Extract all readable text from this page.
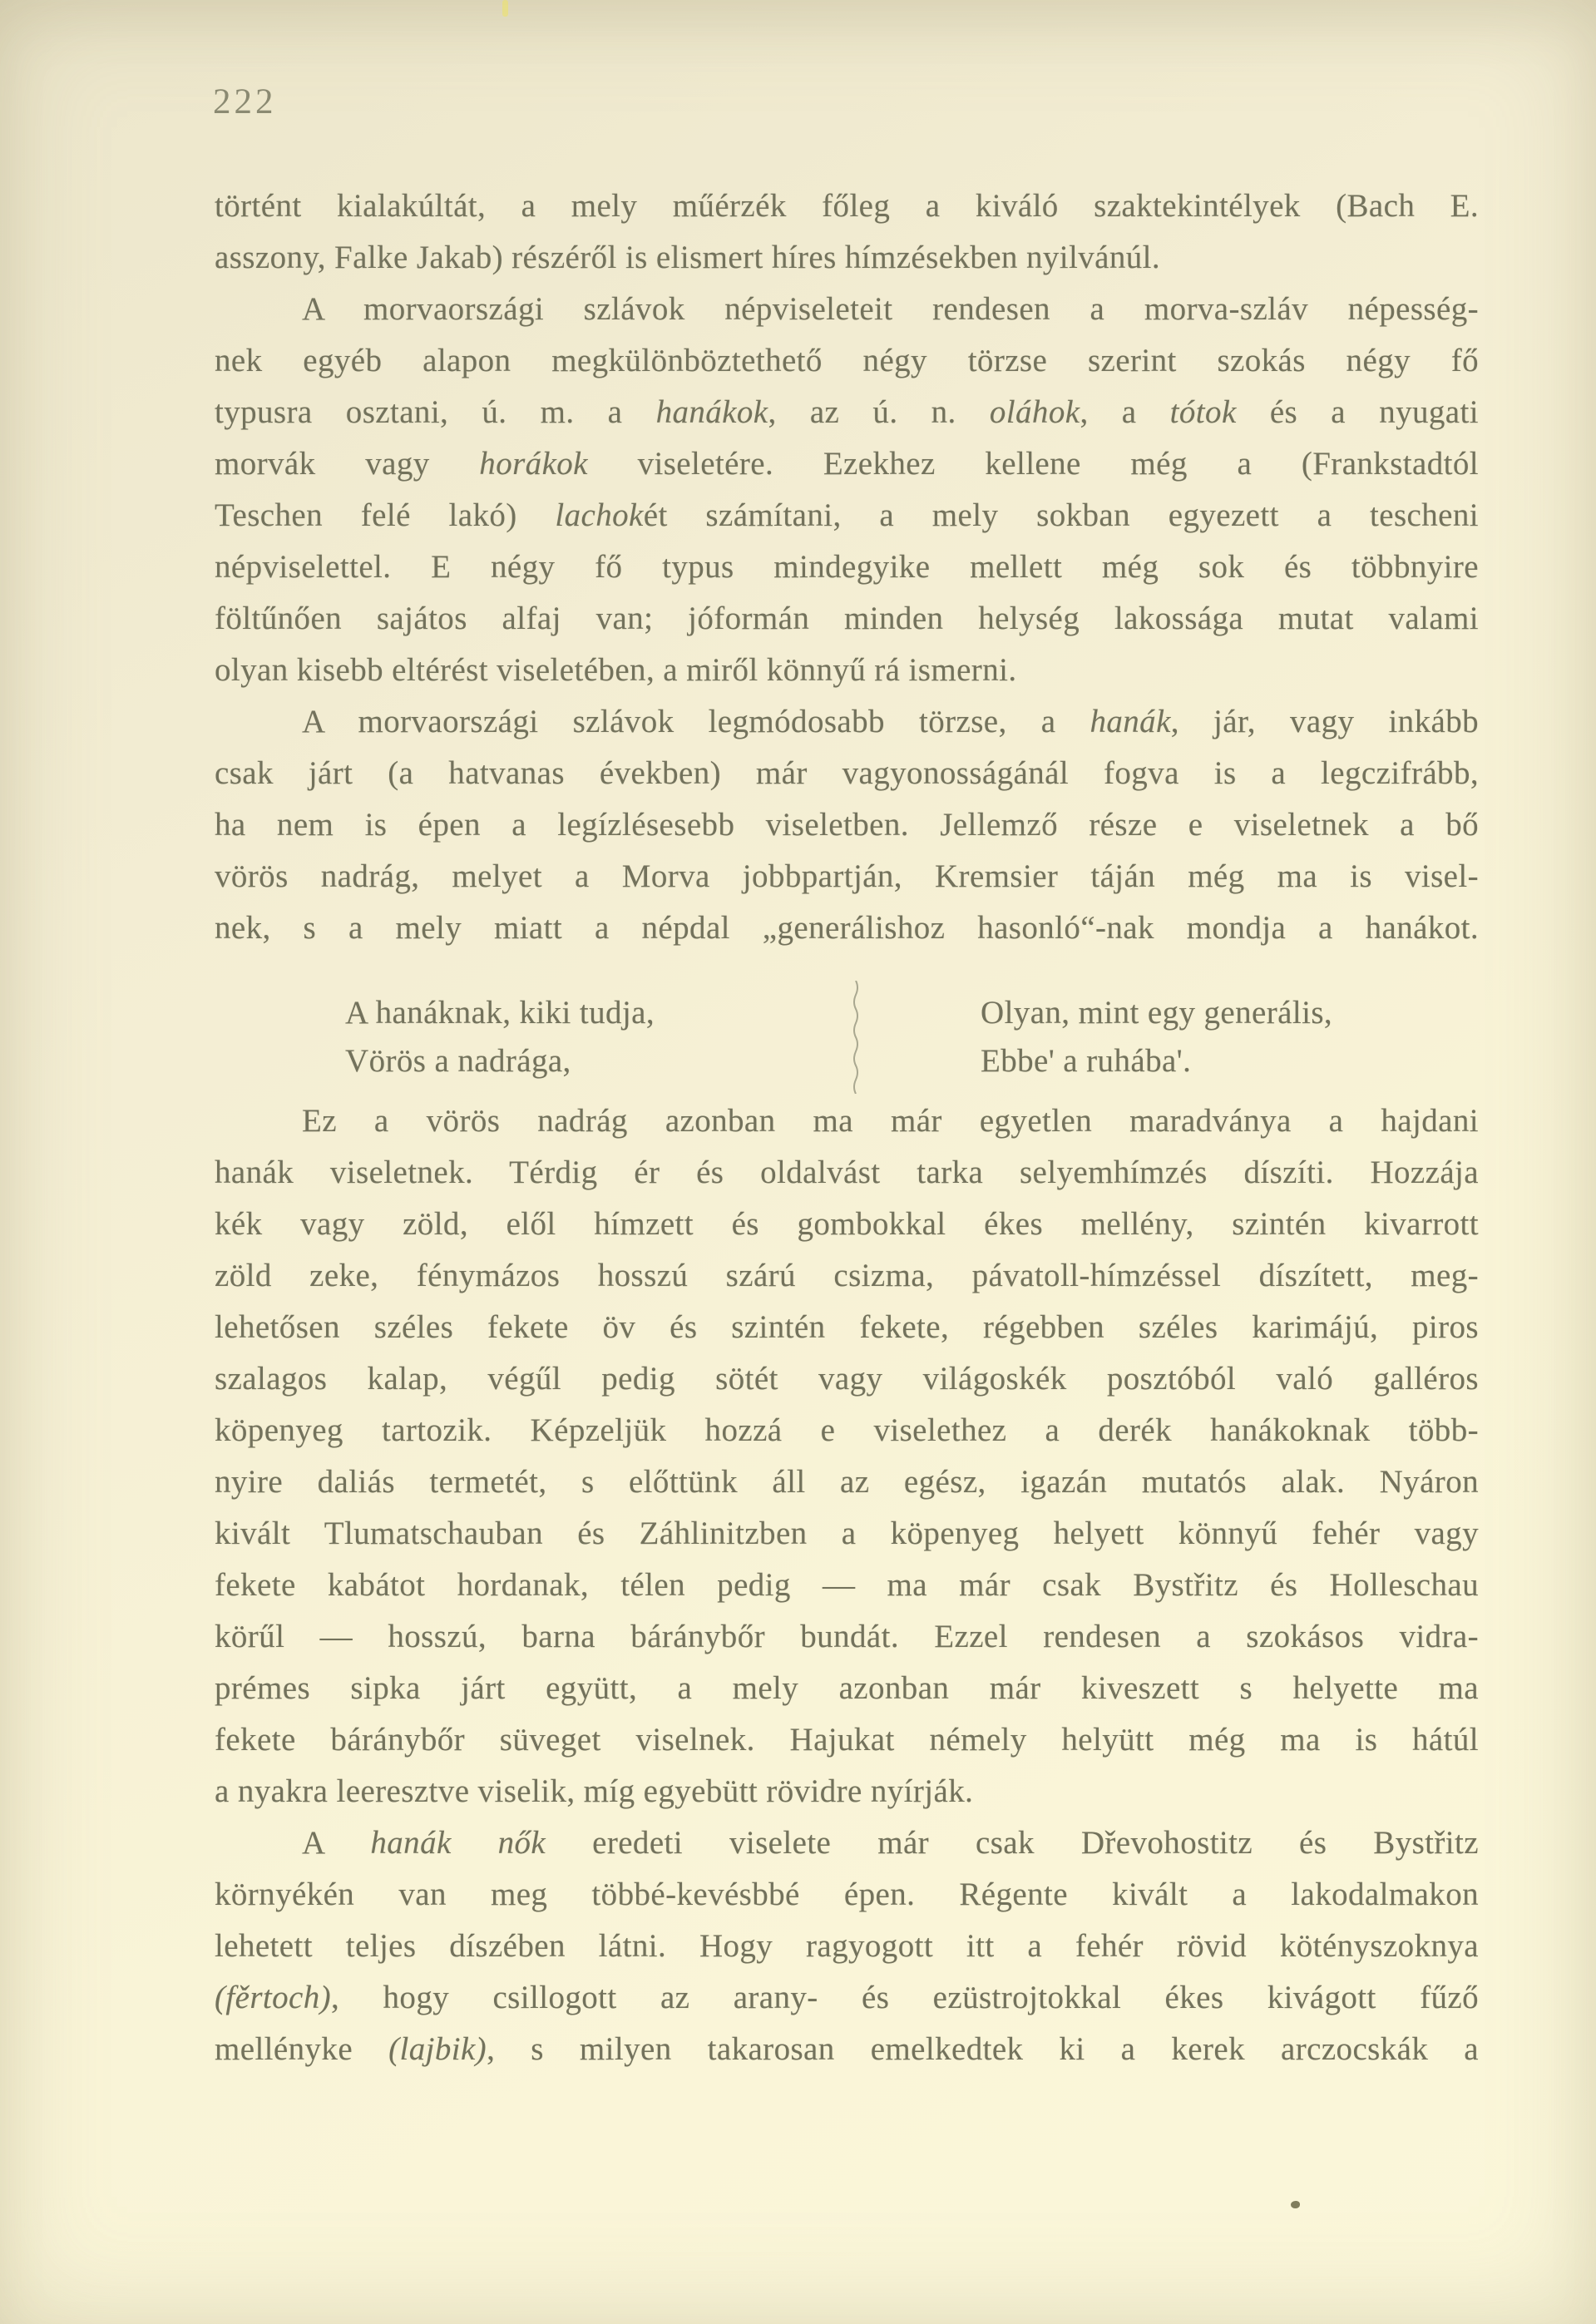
222
történt kialakúltát, a mely műérzék főleg a kiváló szaktekintélyek (Bach E.
asszony, Falke Jakab) részéről is elismert híres hímzésekben nyilvánúl.
A morvaországi szlávok népviseleteit rendesen a morva-szláv népesség-
nek egyéb alapon megkülönböztethető négy törzse szerint szokás négy fő
typusra osztani, ú. m. a hanákok, az ú. n. oláhok, a tótok és a nyugati
morvák vagy horákok viseletére. Ezekhez kellene még a (Frankstadtól
Teschen felé lakó) lachokét számítani, a mely sokban egyezett a tescheni
népviselettel. E négy fő typus mindegyike mellett még sok és többnyire
föltűnően sajátos alfaj van; jóformán minden helység lakossága mutat valami
olyan kisebb eltérést viseletében, a miről könnyű rá ismerni.
A morvaországi szlávok legmódosabb törzse, a hanák, jár, vagy inkább
csak járt (a hatvanas években) már vagyonosságánál fogva is a legczifrább,
ha nem is épen a legízlésesebb viseletben. Jellemző része e viseletnek a bő
vörös nadrág, melyet a Morva jobbpartján, Kremsier táján még ma is visel-
nek, s a mely miatt a népdal „generálishoz hasonló“-nak mondja a hanákot.
A hanáknak, kiki tudja,
Vörös a nadrága,
Olyan, mint egy generális,
Ebbe' a ruhába'.
Ez a vörös nadrág azonban ma már egyetlen maradványa a hajdani
hanák viseletnek. Térdig ér és oldalvást tarka selyemhímzés díszíti. Hozzája
kék vagy zöld, elől hímzett és gombokkal ékes mellény, szintén kivarrott
zöld zeke, fénymázos hosszú szárú csizma, pávatoll-hímzéssel díszített, meg-
lehetősen széles fekete öv és szintén fekete, régebben széles karimájú, piros
szalagos kalap, végűl pedig sötét vagy világoskék posztóból való galléros
köpenyeg tartozik. Képzeljük hozzá e viselethez a derék hanákoknak több-
nyire daliás termetét, s előttünk áll az egész, igazán mutatós alak. Nyáron
kivált Tlumatschauban és Záhlinitzben a köpenyeg helyett könnyű fehér vagy
fekete kabátot hordanak, télen pedig — ma már csak Bystřitz és Holleschau
körűl — hosszú, barna báránybőr bundát. Ezzel rendesen a szokásos vidra-
prémes sipka járt együtt, a mely azonban már kiveszett s helyette ma
fekete báránybőr süveget viselnek. Hajukat némely helyütt még ma is hátúl
a nyakra leeresztve viselik, míg egyebütt rövidre nyírják.
A hanák nők eredeti viselete már csak Dřevohostitz és Bystřitz
környékén van meg többé-kevésbbé épen. Régente kivált a lakodalmakon
lehetett teljes díszében látni. Hogy ragyogott itt a fehér rövid kötényszoknya
(fěrtoch), hogy csillogott az arany- és ezüstrojtokkal ékes kivágott fűző
mellényke (lajbik), s milyen takarosan emelkedtek ki a kerek arczocskák a
